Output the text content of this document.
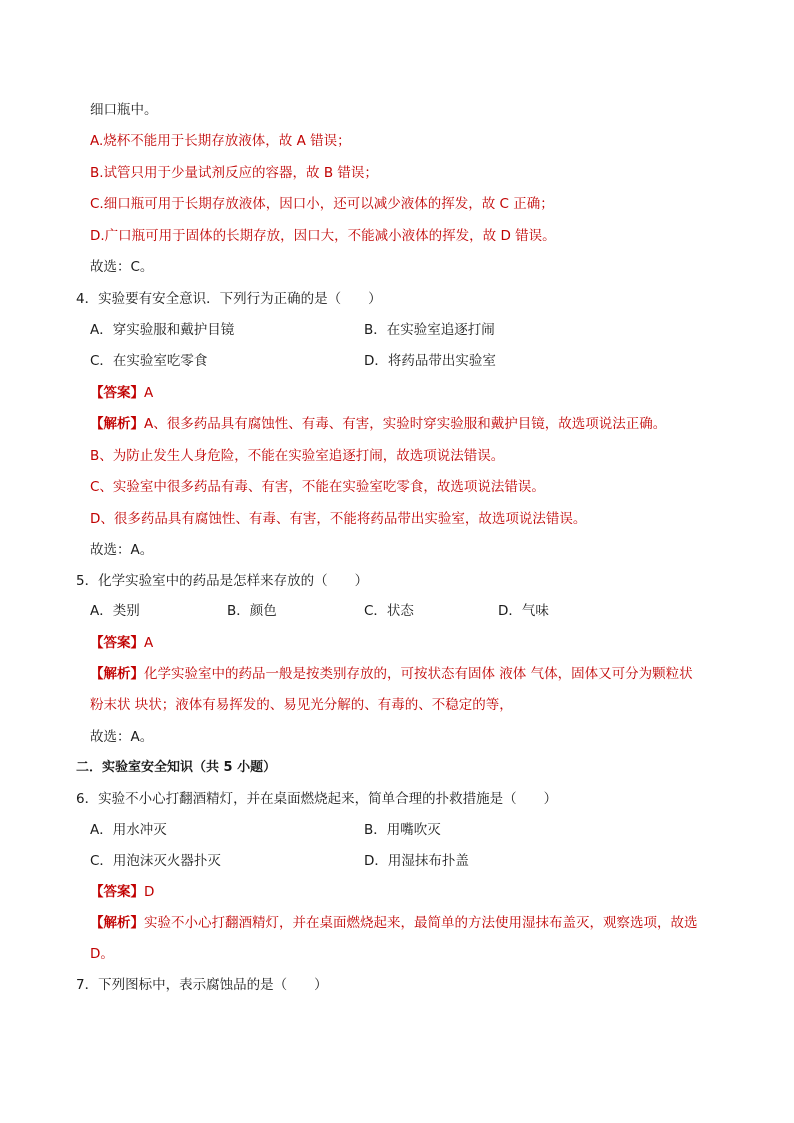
细口瓶中。
A.烧杯不能用于长期存放液体，故 A 错误；
B.试管只用于少量试剂反应的容器，故 B 错误；
C.细口瓶可用于长期存放液体，因口小，还可以减少液体的挥发，故 C 正确；
D.广口瓶可用于固体的长期存放，因口大，不能减小液体的挥发，故 D 错误。
故选：C。
4．实验要有安全意识．下列行为正确的是（　　）
A．穿实验服和戴护目镜	B．在实验室追逐打闹
C．在实验室吃零食	D．将药品带出实验室
【答案】A
【解析】A、很多药品具有腐蚀性、有毒、有害，实验时穿实验服和戴护目镜，故选项说法正确。
B、为防止发生人身危险，不能在实验室追逐打闹，故选项说法错误。
C、实验室中很多药品有毒、有害，不能在实验室吃零食，故选项说法错误。
D、很多药品具有腐蚀性、有毒、有害，不能将药品带出实验室，故选项说法错误。
故选：A。
5．化学实验室中的药品是怎样来存放的（　　）
A．类别	B．颜色	C．状态	D．气味
【答案】A
【解析】化学实验室中的药品一般是按类别存放的，可按状态有固体 液体 气体，固体又可分为颗粒状
粉末状 块状；液体有易挥发的、易见光分解的、有毒的、不稳定的等，
故选：A。
二．实验室安全知识（共 5 小题）
6．实验不小心打翻酒精灯，并在桌面燃烧起来，简单合理的扑救措施是（　　）
A．用水冲灭	B．用嘴吹灭
C．用泡沫灭火器扑灭	D．用湿抹布扑盖
【答案】D
【解析】实验不小心打翻酒精灯，并在桌面燃烧起来，最简单的方法使用湿抹布盖灭，观察选项，故选
D。
7．下列图标中，表示腐蚀品的是（　　）
